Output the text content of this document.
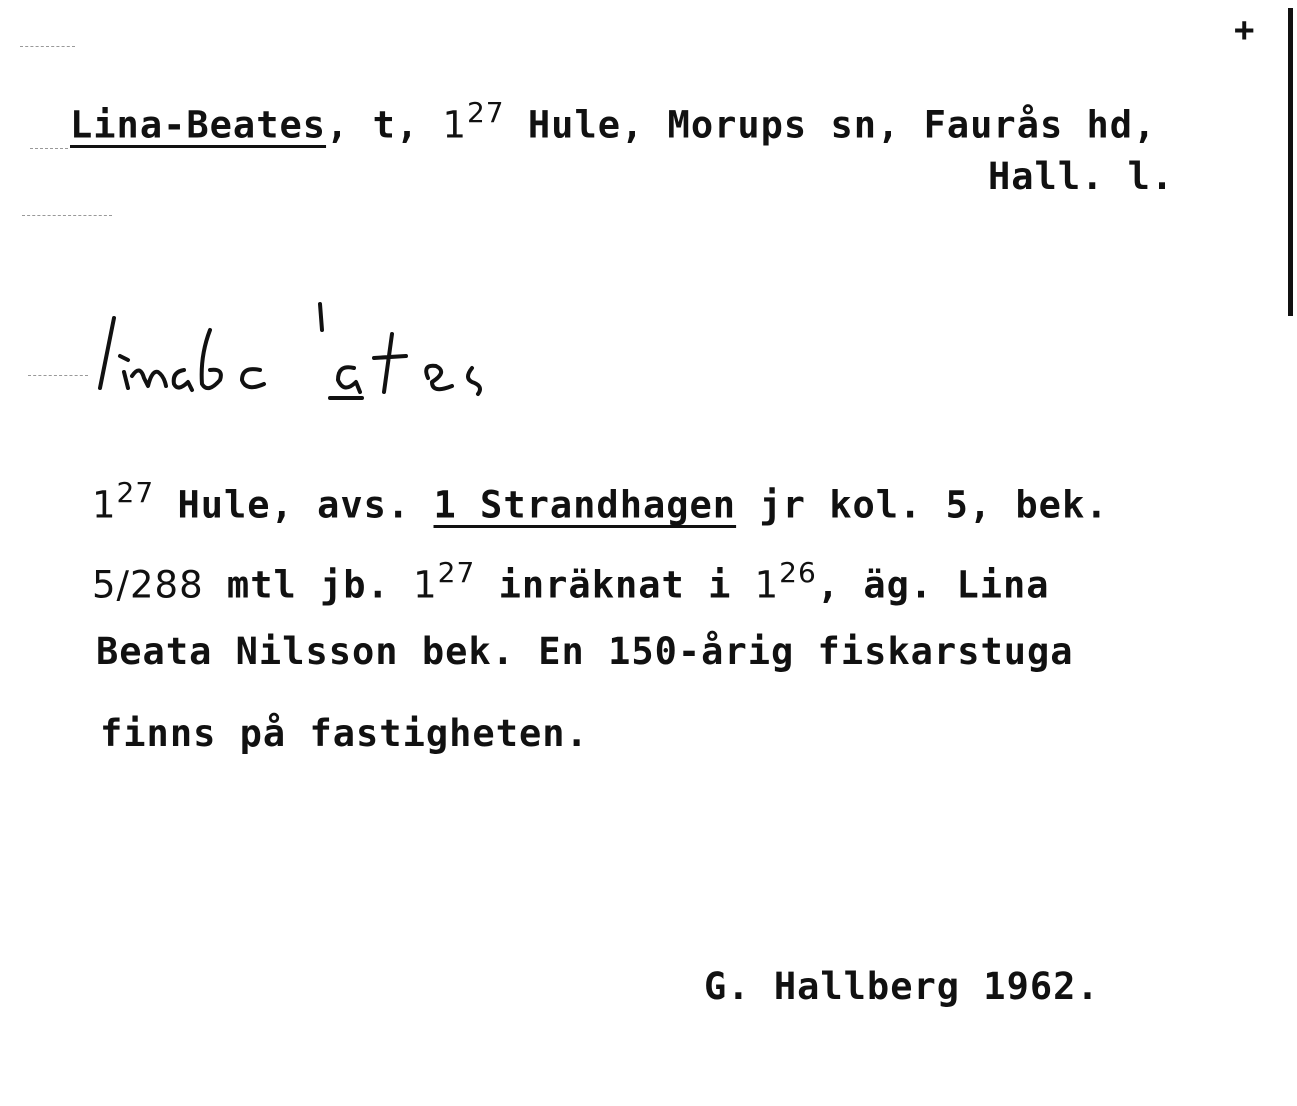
+
Lina-Beates, t, $1^{27}$ Hule, Morups sn, Faurås hd,
Hall. l.
$1^{27}$ Hule, avs. 1 Strandhagen jr kol. 5, bek.
5/288 mtl jb. $1^{27}$ inräknat i $1^{26}$, äg. Lina
Beata Nilsson bek. En 150-årig fiskarstuga
finns på fastigheten.
G. Hallberg 1962.
